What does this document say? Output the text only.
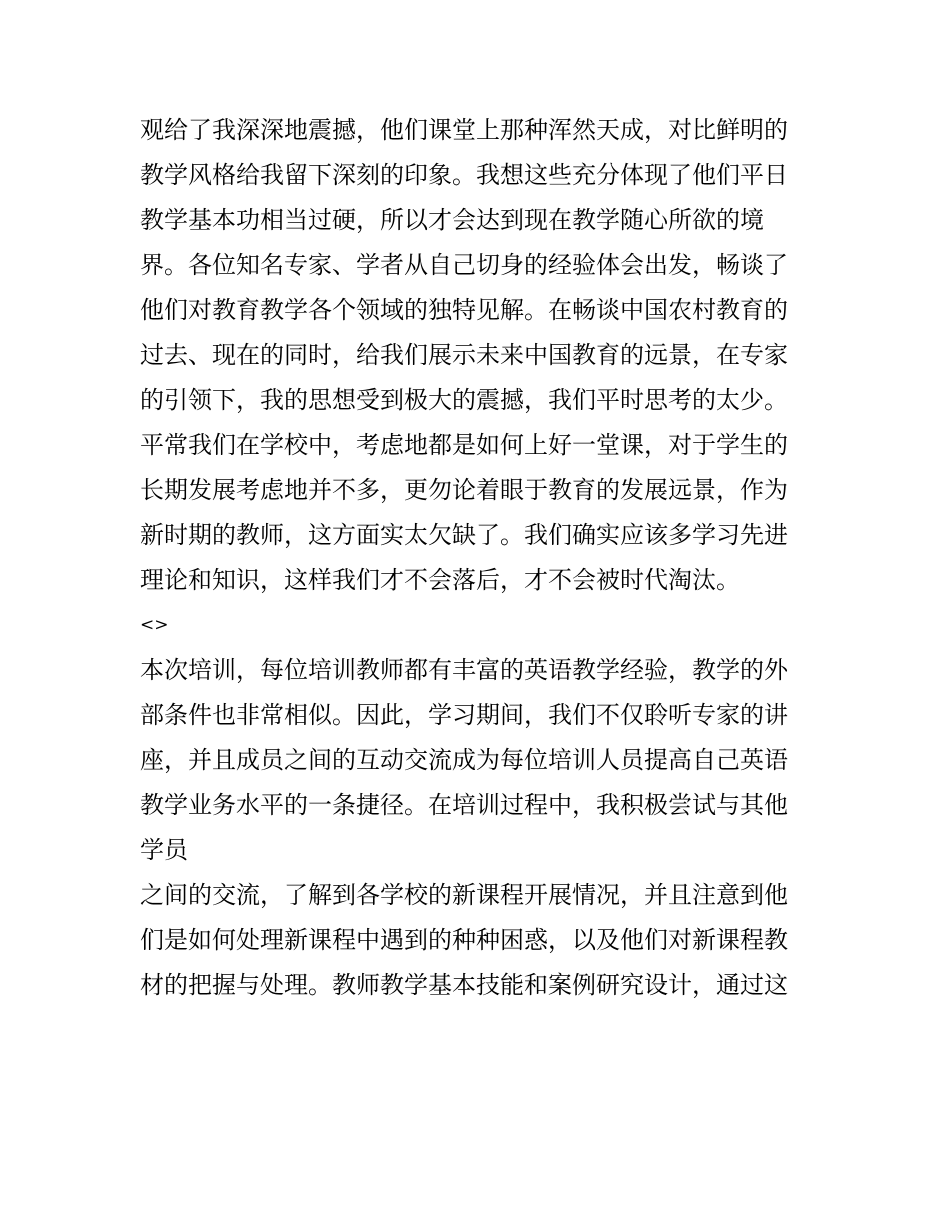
观给了我深深地震撼，他们课堂上那种浑然天成，对比鲜明的
教学风格给我留下深刻的印象。我想这些充分体现了他们平日
教学基本功相当过硬，所以才会达到现在教学随心所欲的境
界。各位知名专家、学者从自己切身的经验体会出发，畅谈了
他们对教育教学各个领域的独特见解。在畅谈中国农村教育的
过去、现在的同时，给我们展示未来中国教育的远景，在专家
的引领下，我的思想受到极大的震撼，我们平时思考的太少。
平常我们在学校中，考虑地都是如何上好一堂课，对于学生的
长期发展考虑地并不多，更勿论着眼于教育的发展远景，作为
新时期的教师，这方面实太欠缺了。我们确实应该多学习先进
理论和知识，这样我们才不会落后，才不会被时代淘汰。
<>
本次培训，每位培训教师都有丰富的英语教学经验，教学的外
部条件也非常相似。因此，学习期间，我们不仅聆听专家的讲
座，并且成员之间的互动交流成为每位培训人员提高自己英语
教学业务水平的一条捷径。在培训过程中，我积极尝试与其他
学员
之间的交流，了解到各学校的新课程开展情况，并且注意到他
们是如何处理新课程中遇到的种种困惑，以及他们对新课程教
材的把握与处理。教师教学基本技能和案例研究设计，通过这
